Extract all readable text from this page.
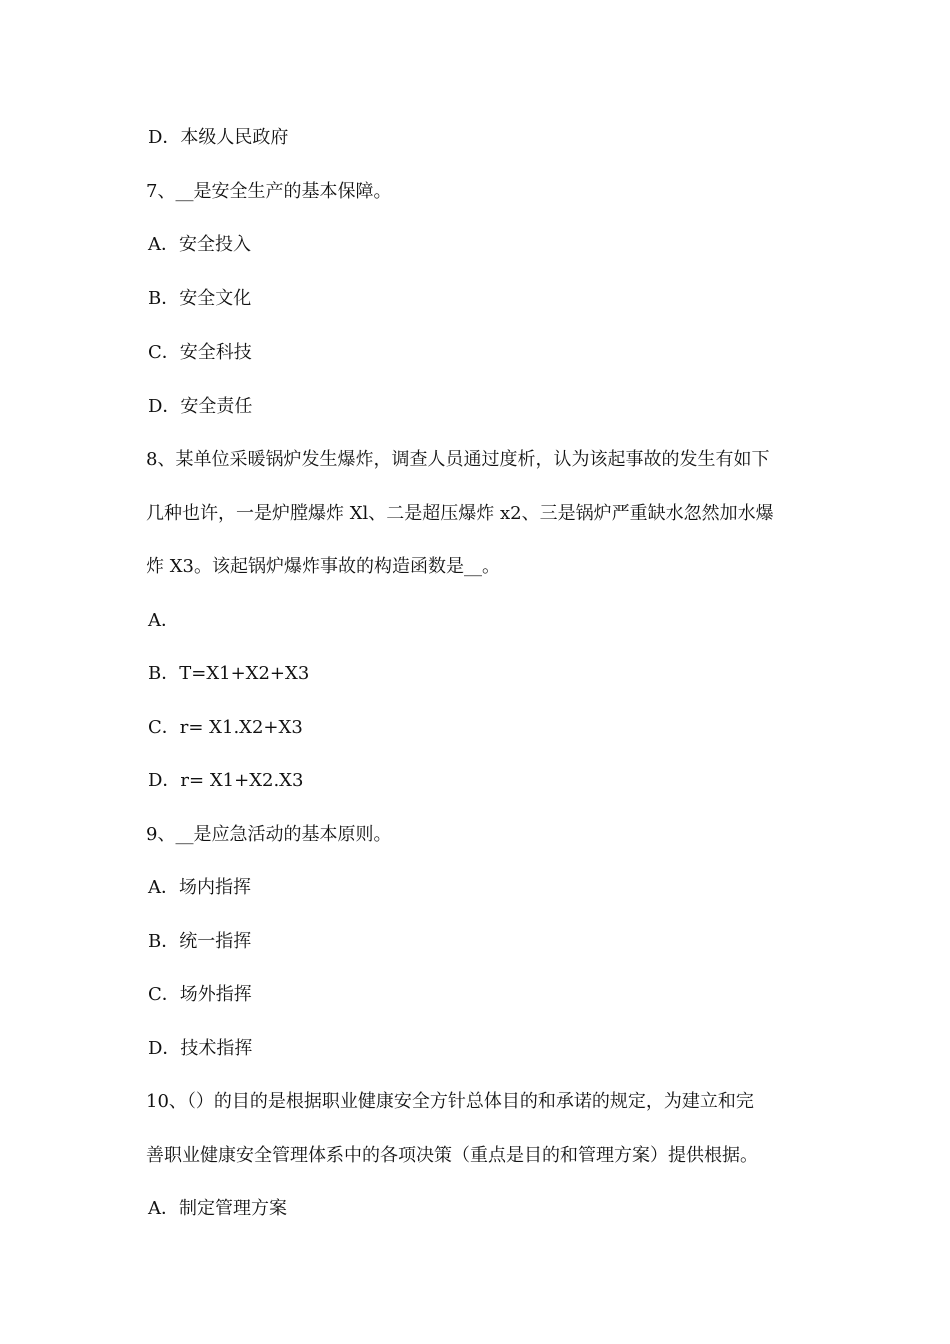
D．本级人民政府
7、__是安全生产的基本保障。
A．安全投入
B．安全文化
C．安全科技
D．安全责任
8、某单位采暖锅炉发生爆炸，调查人员通过度析，认为该起事故的发生有如下
几种也许，一是炉膛爆炸 Xl、二是超压爆炸 x2、三是锅炉严重缺水忽然加水爆
炸 X3。该起锅炉爆炸事故的构造函数是__。
A．
B．T=X1+X2+X3
C．r= X1.X2+X3
D．r= X1+X2.X3
9、__是应急活动的基本原则。
A．场内指挥
B．统一指挥
C．场外指挥
D．技术指挥
10、（）的目的是根据职业健康安全方针总体目的和承诺的规定，为建立和完
善职业健康安全管理体系中的各项决策（重点是目的和管理方案）提供根据。
A．制定管理方案
